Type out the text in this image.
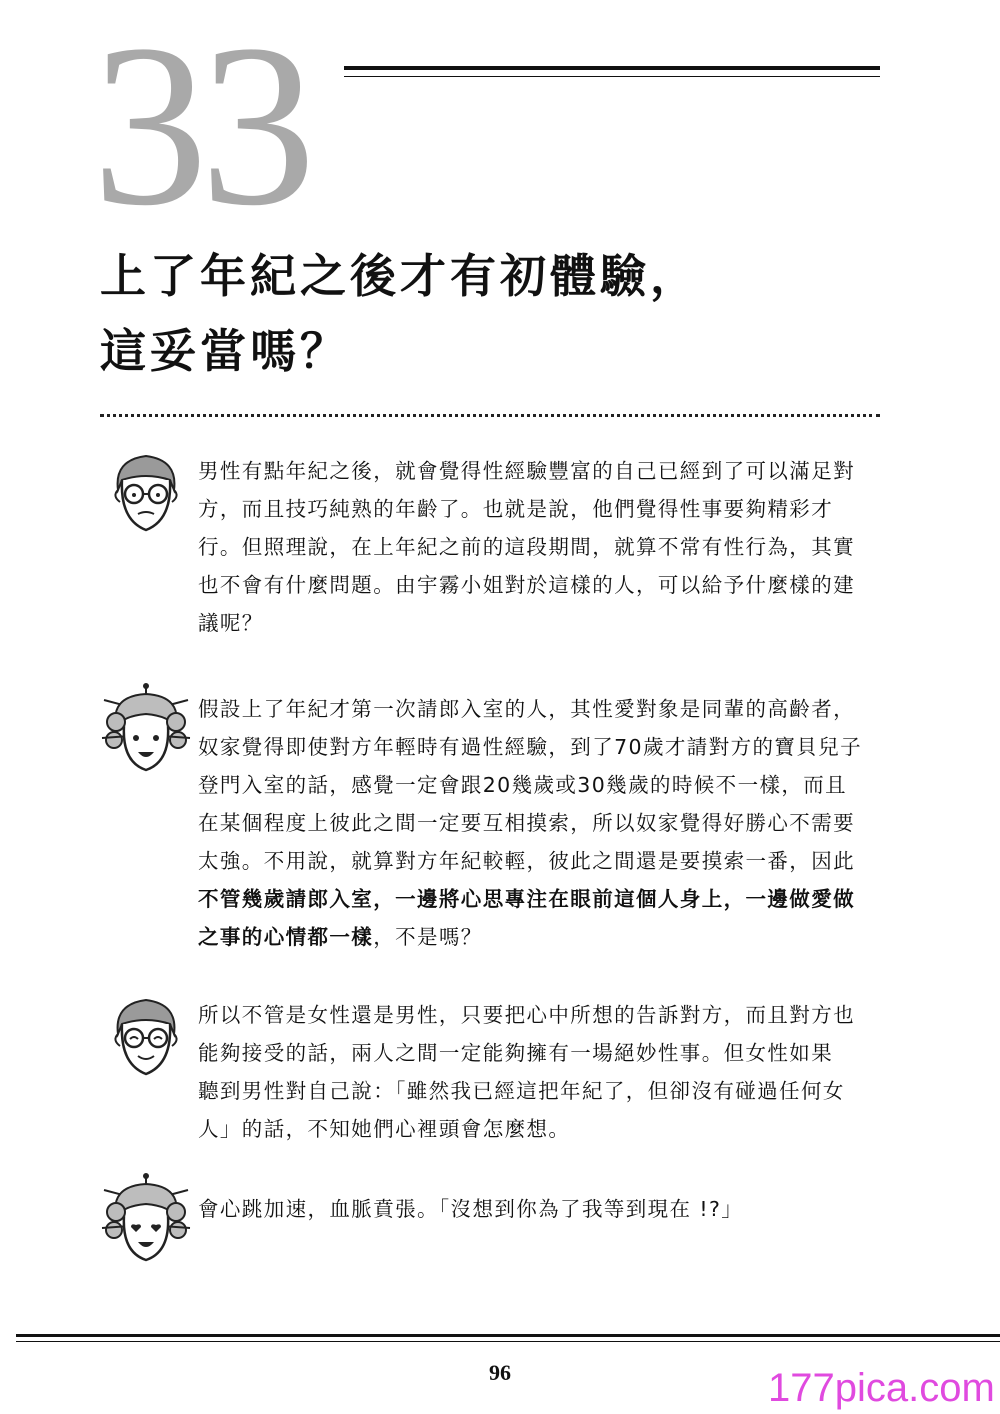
33
上了年紀之後才有初體驗，
這妥當嗎？
男性有點年紀之後，就會覺得性經驗豐富的自己已經到了可以滿足對
方，而且技巧純熟的年齡了。也就是說，他們覺得性事要夠精彩才
行。但照理說，在上年紀之前的這段期間，就算不常有性行為，其實
也不會有什麼問題。由宇霧小姐對於這樣的人，可以給予什麼樣的建
議呢？
假設上了年紀才第一次請郎入室的人，其性愛對象是同輩的高齡者，
奴家覺得即使對方年輕時有過性經驗，到了70歲才請對方的寶貝兒子
登門入室的話，感覺一定會跟20幾歲或30幾歲的時候不一樣，而且
在某個程度上彼此之間一定要互相摸索，所以奴家覺得好勝心不需要
太強。不用說，就算對方年紀較輕，彼此之間還是要摸索一番，因此
不管幾歲請郎入室，一邊將心思專注在眼前這個人身上，一邊做愛做
之事的心情都一樣，不是嗎？
所以不管是女性還是男性，只要把心中所想的告訴對方，而且對方也
能夠接受的話，兩人之間一定能夠擁有一場絕妙性事。但女性如果
聽到男性對自己說：「雖然我已經這把年紀了，但卻沒有碰過任何女
人」的話，不知她們心裡頭會怎麼想。
會心跳加速，血脈賁張。「沒想到你為了我等到現在 !?」
96	177pica.com
